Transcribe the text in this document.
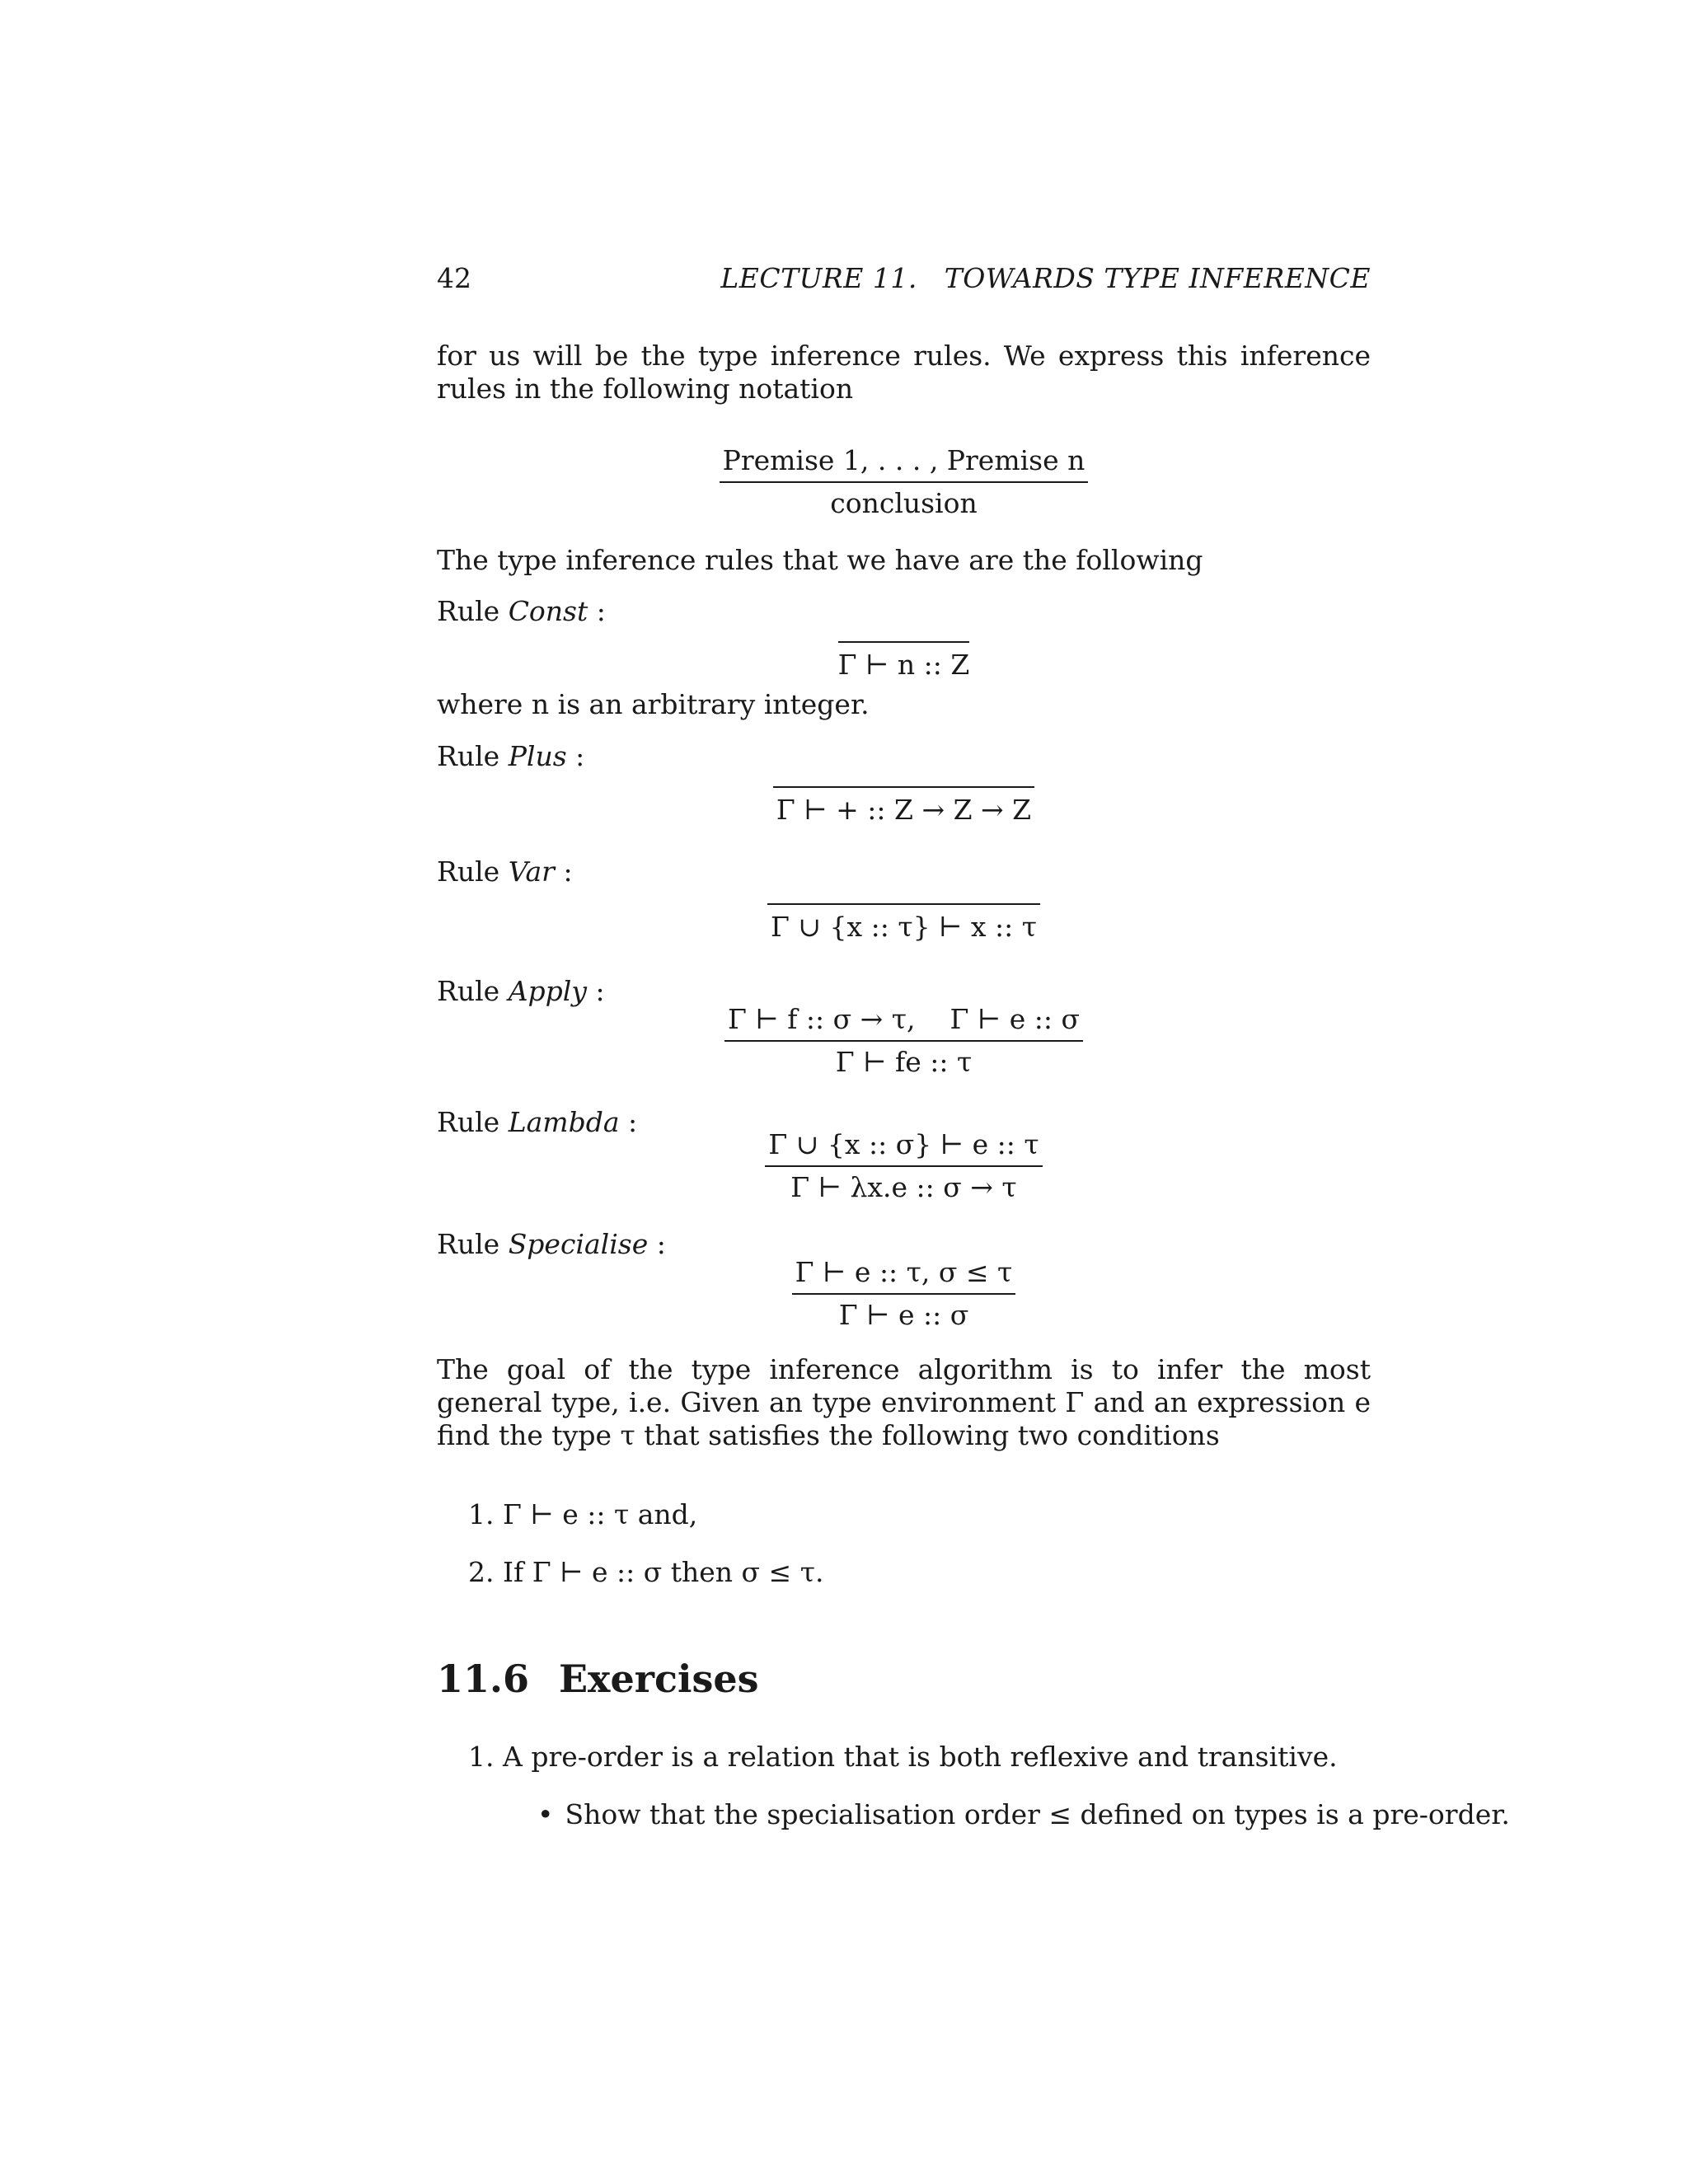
42	LECTURE 11.   TOWARDS TYPE INFERENCE
for us will be the type inference rules. We express this inference rules in the following notation
$\frac{\text{Premise 1, . . . , Premise n}}{\text{conclusion}}$
The type inference rules that we have are the following
Rule Const :
Γ ⊢ n :: Z
where n is an arbitrary integer.
Rule Plus :
Γ ⊢ + :: Z → Z → Z
Rule Var :
Γ ∪ {x :: τ} ⊢ x :: τ
Rule Apply :
$\frac{\Gamma ⊢ f :: \sigma \to \tau, \Gamma ⊢ e :: \sigma}{\Gamma ⊢ fe :: \tau}$
Rule Lambda :
$\frac{\Gamma \cup \{x :: \sigma\} ⊢ e :: \tau}{\Gamma ⊢ \lambda x.e :: \sigma \to \tau}$
Rule Specialise :
$\frac{\Gamma ⊢ e :: \tau, \sigma \le \tau}{\Gamma ⊢ e :: \sigma}$
The goal of the type inference algorithm is to infer the most general type, i.e. Given an type environment Γ and an expression e find the type τ that satisfies the following two conditions
1. Γ ⊢ e :: τ and,
2. If Γ ⊢ e :: σ then σ ≤ τ.
11.6 Exercises
1. A pre-order is a relation that is both reflexive and transitive.
• Show that the specialisation order ≤ defined on types is a pre-order.
